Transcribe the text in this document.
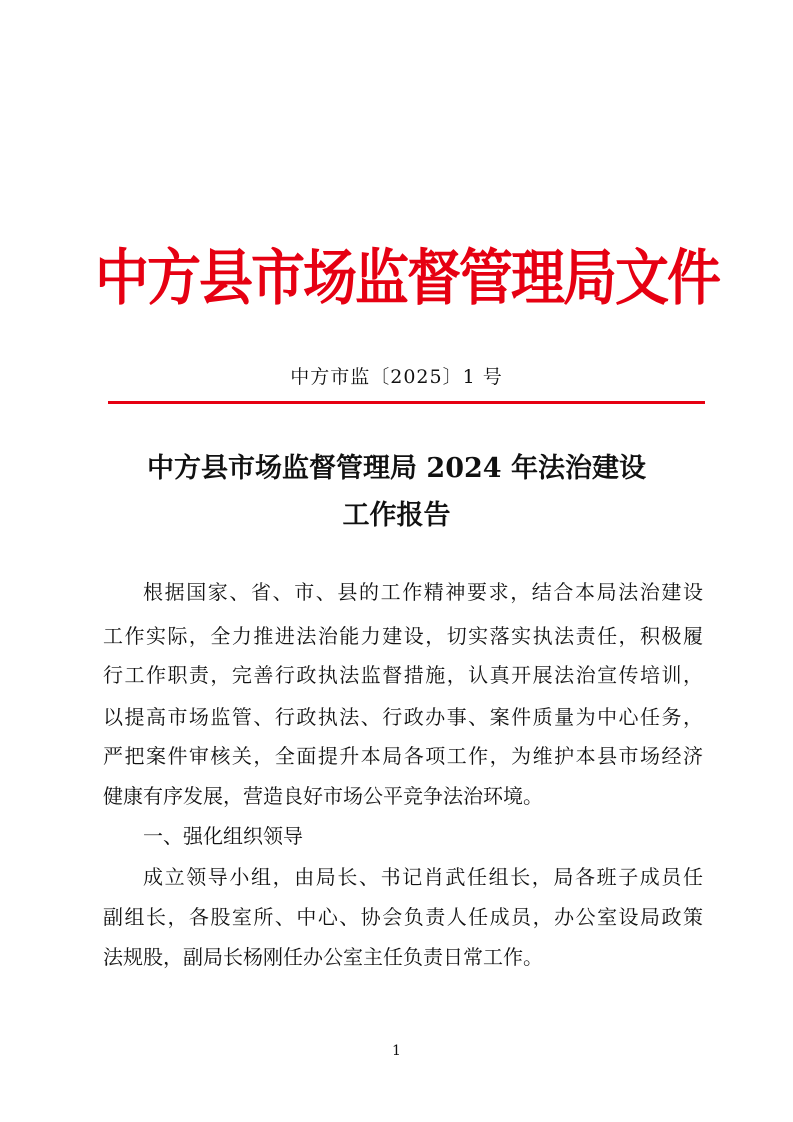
中方县市场监督管理局文件
中方市监〔2025〕1 号
中方县市场监督管理局 2024 年法治建设
工作报告
根据国家、省、市、县的工作精神要求，结合本局法治建设
工作实际，全力推进法治能力建设，切实落实执法责任，积极履
行工作职责，完善行政执法监督措施，认真开展法治宣传培训，
以提高市场监管、行政执法、行政办事、案件质量为中心任务，
严把案件审核关，全面提升本局各项工作，为维护本县市场经济
健康有序发展，营造良好市场公平竞争法治环境。
一、强化组织领导
成立领导小组，由局长、书记肖武任组长，局各班子成员任
副组长，各股室所、中心、协会负责人任成员，办公室设局政策
法规股，副局长杨刚任办公室主任负责日常工作。
1
